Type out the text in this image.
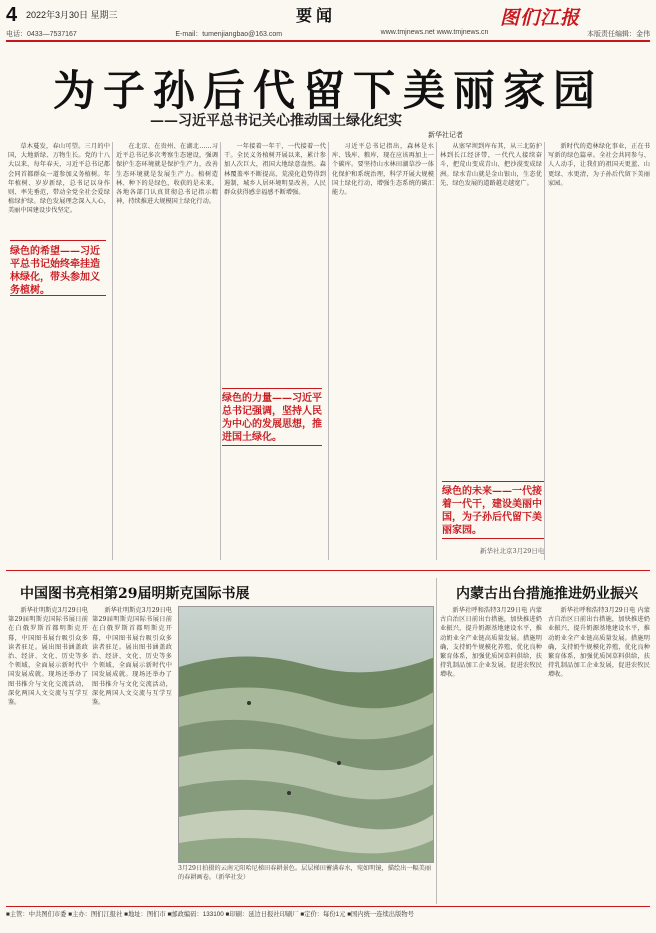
4 2022年3月30日 星期三	要闻	图们江报
电话：0433—7537167	E-mail：tumenjiangbao@163.com	www.tmjnews.net www.tmjnews.cn	本版责任编辑：金伟
为子孙后代留下美丽家园
——习近平总书记关心推动国土绿化纪实
新华社记者

草木蔓发，春山可望。三月的中国，大地新绿、万物生长。党的十八大以来，每年春天，习近平总书记都会同首都群众一道参加义务植树。年年植树、岁岁新绿，总书记以身作则、率先垂范，带动全党全社会爱绿植绿护绿。绿色发展理念深入人心，美丽中国建设步伐坚定。

在北京、在贵州、在湖北……习近平总书记多次考察生态建设，强调保护生态环境就是保护生产力，改善生态环境就是发展生产力。植树造林、种下的是绿色，收获的是未来。各地各部门认真贯彻总书记指示精神，持续推进大规模国土绿化行动。

一年接着一年干，一代接着一代干。全民义务植树开展以来，累计参加人次巨大，祖国大地绿意盎然。森林覆盖率不断提高，荒漠化趋势得到遏制，城乡人居环境明显改善，人民群众获得感幸福感不断增强。

习近平总书记指出，森林是水库、钱库、粮库，现在应该再加上一个碳库。要坚持山水林田湖草沙一体化保护和系统治理，科学开展大规模国土绿化行动，增强生态系统的碳汇能力。

从塞罕坝到库布其，从三北防护林到长江经济带，一代代人接续奋斗，把荒山变成青山、把沙漠变成绿洲。绿水青山就是金山银山，生态优先、绿色发展的道路越走越宽广。

新时代的造林绿化事业，正在书写新的绿色篇章。全社会共同参与、人人动手，让我们的祖国天更蓝、山更绿、水更清，为子孙后代留下美丽家园。

绿色的希望——习近平总书记始终牵挂造林绿化，带头参加义务植树。
绿色的力量——习近平总书记强调，坚持人民为中心的发展思想，推进国土绿化。
绿色的未来——一代接着一代干，建设美丽中国，为子孙后代留下美丽家园。
新华社北京3月29日电
中国图书亮相第29届明斯克国际书展

新华社明斯克3月29日电 第29届明斯克国际书展日前在白俄罗斯首都明斯克开幕，中国图书展台吸引众多读者驻足。展出图书涵盖政治、经济、文化、历史等多个领域，全面展示新时代中国发展成就。现场还举办了图书推介与文化交流活动，深化两国人文交流与互学互鉴。

新华社明斯克3月29日电 第29届明斯克国际书展日前在白俄罗斯首都明斯克开幕，中国图书展台吸引众多读者驻足。展出图书涵盖政治、经济、文化、历史等多个领域，全面展示新时代中国发展成就。现场还举办了图书推介与文化交流活动，深化两国人文交流与互学互鉴。

3月29日拍摄的云南元阳哈尼梯田春耕景色。层层梯田蓄满春水，宛如明镜，描绘出一幅美丽的春耕画卷。（新华社发）
内蒙古出台措施推进奶业振兴

新华社呼和浩特3月29日电 内蒙古自治区日前出台措施，加快推进奶业振兴，提升奶源基地建设水平，推动奶业全产业链高质量发展。措施明确，支持奶牛规模化养殖，优化良种繁育体系，加强优质饲草料供给，扶持乳制品加工企业发展，促进农牧民增收。

新华社呼和浩特3月29日电 内蒙古自治区日前出台措施，加快推进奶业振兴，提升奶源基地建设水平，推动奶业全产业链高质量发展。措施明确，支持奶牛规模化养殖，优化良种繁育体系，加强优质饲草料供给，扶持乳制品加工企业发展，促进农牧民增收。

■主管：中共图们市委 ■主办：图们江报社 ■地址：图们市 ■邮政编码：133100 ■印刷：延边日报社印刷厂 ■定价：每份1元 ■国内统一连续出版物号
